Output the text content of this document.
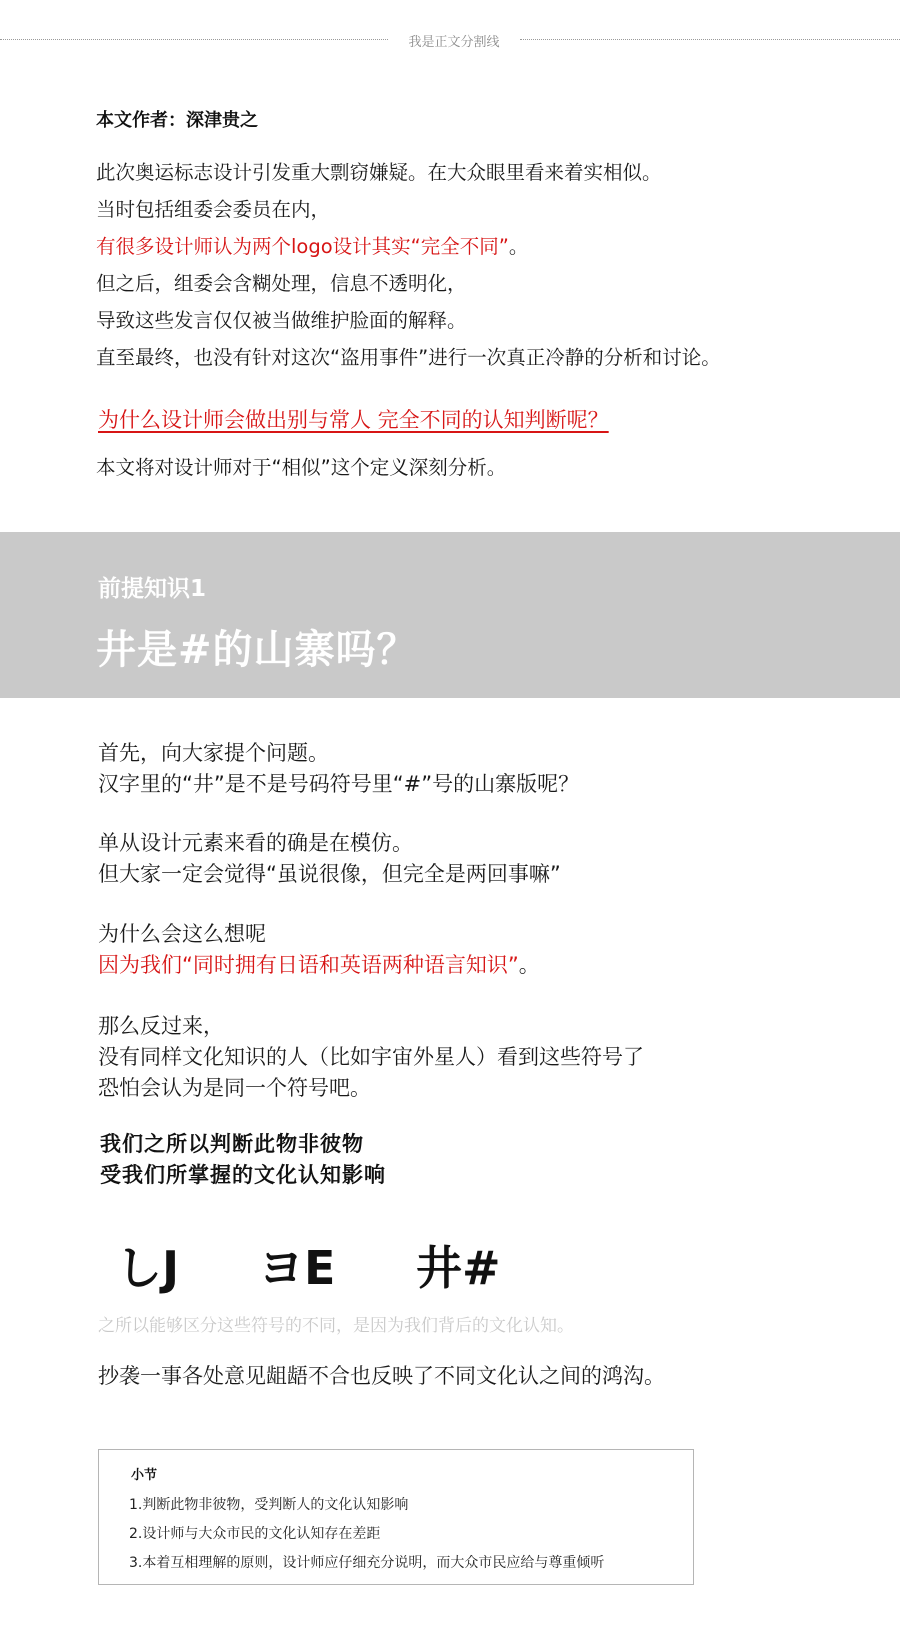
我是正文分割线
本文作者：深津贵之
此次奥运标志设计引发重大剽窃嫌疑。在大众眼里看来着实相似。
当时包括组委会委员在内，
有很多设计师认为两个logo设计其实“完全不同”。
但之后，组委会含糊处理，信息不透明化，
导致这些发言仅仅被当做维护脸面的解释。
直至最终，也没有针对这次“盗用事件”进行一次真正冷静的分析和讨论。
为什么设计师会做出别与常人 完全不同的认知判断呢？
本文将对设计师对于“相似”这个定义深刻分析。
前提知识1
井是#的山寨吗？
首先，向大家提个问题。
汉字里的“井”是不是号码符号里“#”号的山寨版呢？
单从设计元素来看的确是在模仿。
但大家一定会觉得“虽说很像，但完全是两回事嘛”
为什么会这么想呢
因为我们“同时拥有日语和英语两种语言知识”。
那么反过来，
没有同样文化知识的人（比如宇宙外星人）看到这些符号了
恐怕会认为是同一个符号吧。
我们之所以判断此物非彼物
受我们所掌握的文化认知影响
しJ ヨE 井#
之所以能够区分这些符号的不同，是因为我们背后的文化认知。
抄袭一事各处意见龃龉不合也反映了不同文化认之间的鸿沟。
小节
1.判断此物非彼物，受判断人的文化认知影响
2.设计师与大众市民的文化认知存在差距
3.本着互相理解的原则，设计师应仔细充分说明，而大众市民应给与尊重倾听
